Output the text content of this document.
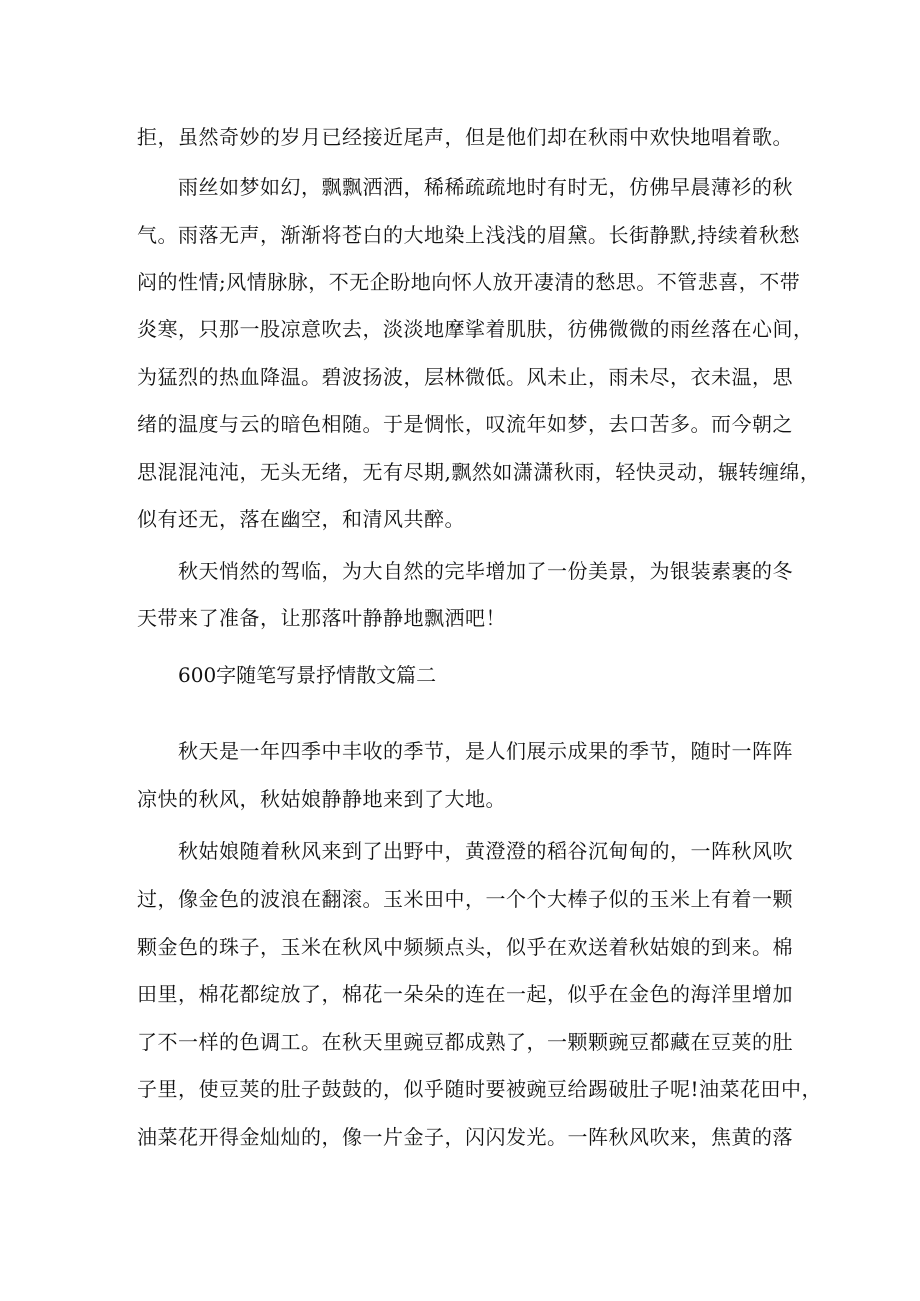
拒，虽然奇妙的岁月已经接近尾声，但是他们却在秋雨中欢快地唱着歌。
雨丝如梦如幻，飘飘洒洒，稀稀疏疏地时有时无，仿佛早晨薄衫的秋
气。雨落无声，渐渐将苍白的大地染上浅浅的眉黛。长街静默,持续着秋愁
闷的性情;风情脉脉，不无企盼地向怀人放开凄清的愁思。不管悲喜，不带
炎寒，只那一股凉意吹去，淡淡地摩挲着肌肤，彷佛微微的雨丝落在心间，
为猛烈的热血降温。碧波扬波，层林微低。风未止，雨未尽，衣未温，思
绪的温度与云的暗色相随。于是惆怅，叹流年如梦，去口苦多。而今朝之
思混混沌沌，无头无绪，无有尽期,飘然如潇潇秋雨，轻快灵动，辗转缠绵，
似有还无，落在幽空，和清风共醉。
秋天悄然的驾临，为大自然的完毕增加了一份美景，为银装素裹的冬
天带来了准备，让那落叶静静地飘洒吧！
600字随笔写景抒情散文篇二
秋天是一年四季中丰收的季节，是人们展示成果的季节，随时一阵阵
凉快的秋风，秋姑娘静静地来到了大地。
秋姑娘随着秋风来到了出野中，黄澄澄的稻谷沉甸甸的，一阵秋风吹
过，像金色的波浪在翻滚。玉米田中，一个个大棒子似的玉米上有着一颗
颗金色的珠子，玉米在秋风中频频点头，似乎在欢送着秋姑娘的到来。棉
田里，棉花都绽放了，棉花一朵朵的连在一起，似乎在金色的海洋里增加
了不一样的色调工。在秋天里豌豆都成熟了，一颗颗豌豆都藏在豆荚的肚
子里，使豆荚的肚子鼓鼓的，似乎随时要被豌豆给踢破肚子呢!油菜花田中，
油菜花开得金灿灿的，像一片金子，闪闪发光。一阵秋风吹来，焦黄的落
